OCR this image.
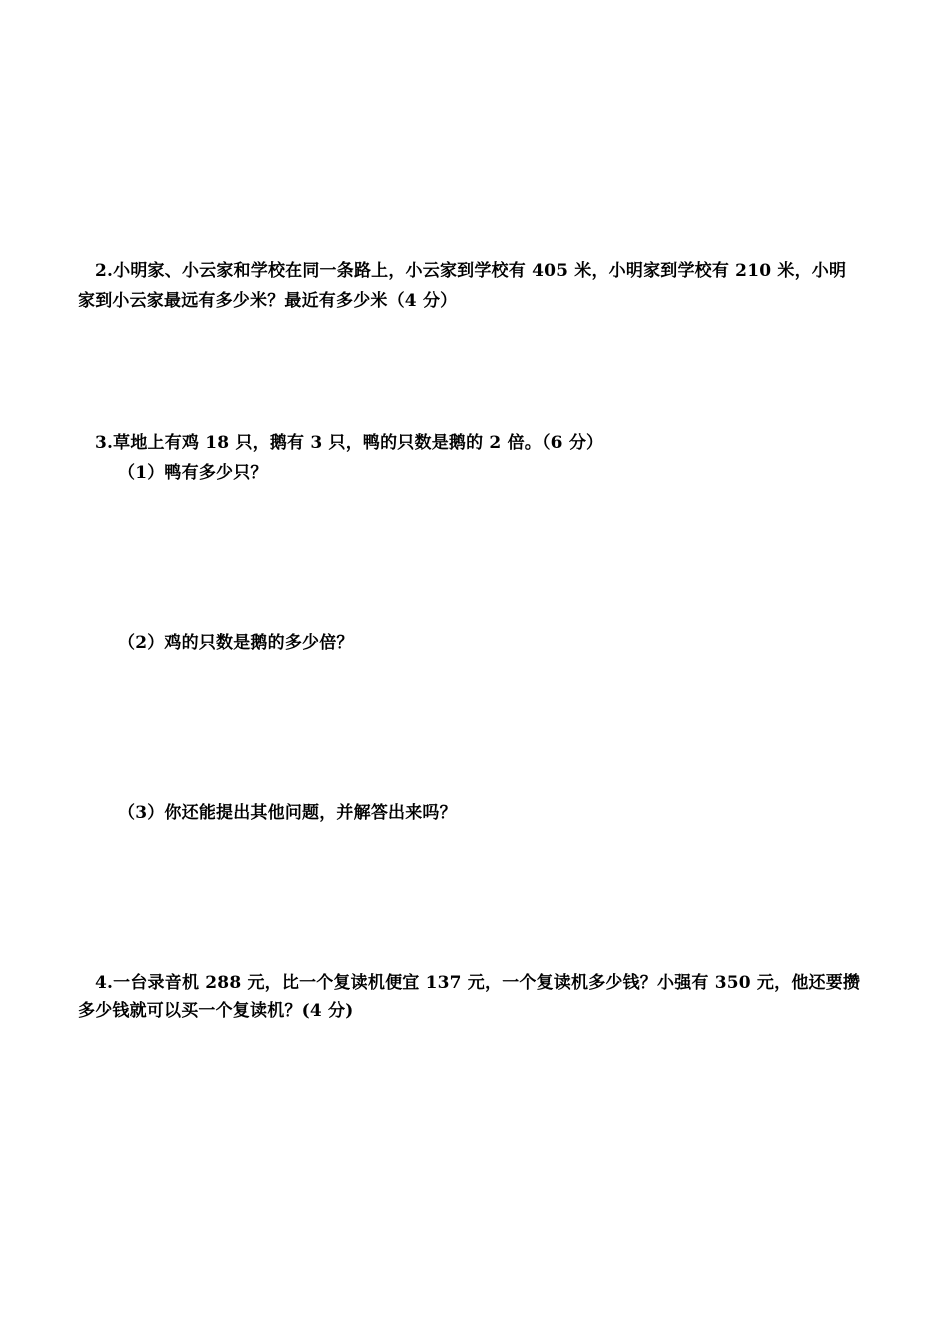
2.小明家、小云家和学校在同一条路上，小云家到学校有 405 米，小明家到学校有 210 米，小明
家到小云家最远有多少米？最近有多少米（4 分）
3.草地上有鸡 18 只，鹅有 3 只，鸭的只数是鹅的 2 倍。（6 分）
（1）鸭有多少只？
（2）鸡的只数是鹅的多少倍？
（3）你还能提出其他问题，并解答出来吗？
4.一台录音机 288 元，比一个复读机便宜 137 元，一个复读机多少钱？小强有 350 元，他还要攒
多少钱就可以买一个复读机？(4 分)
